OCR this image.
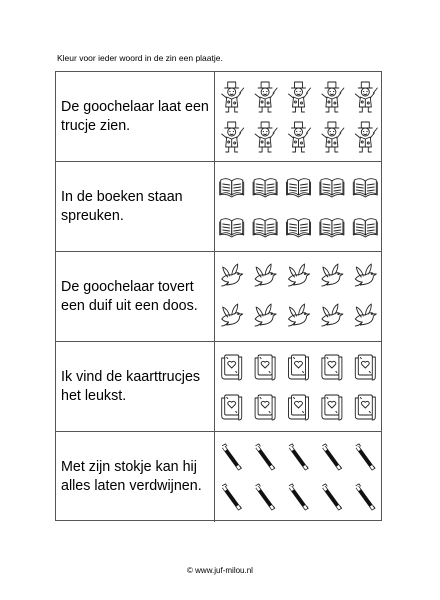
Kleur voor ieder woord in de zin een plaatje.
De goochelaar laat een
trucje zien.
In de boeken staan
spreuken.
De goochelaar tovert
een duif uit een doos.
Ik vind de kaarttrucjes
het leukst.
Met zijn stokje kan hij
alles laten verdwijnen.
© www.juf-milou.nl
